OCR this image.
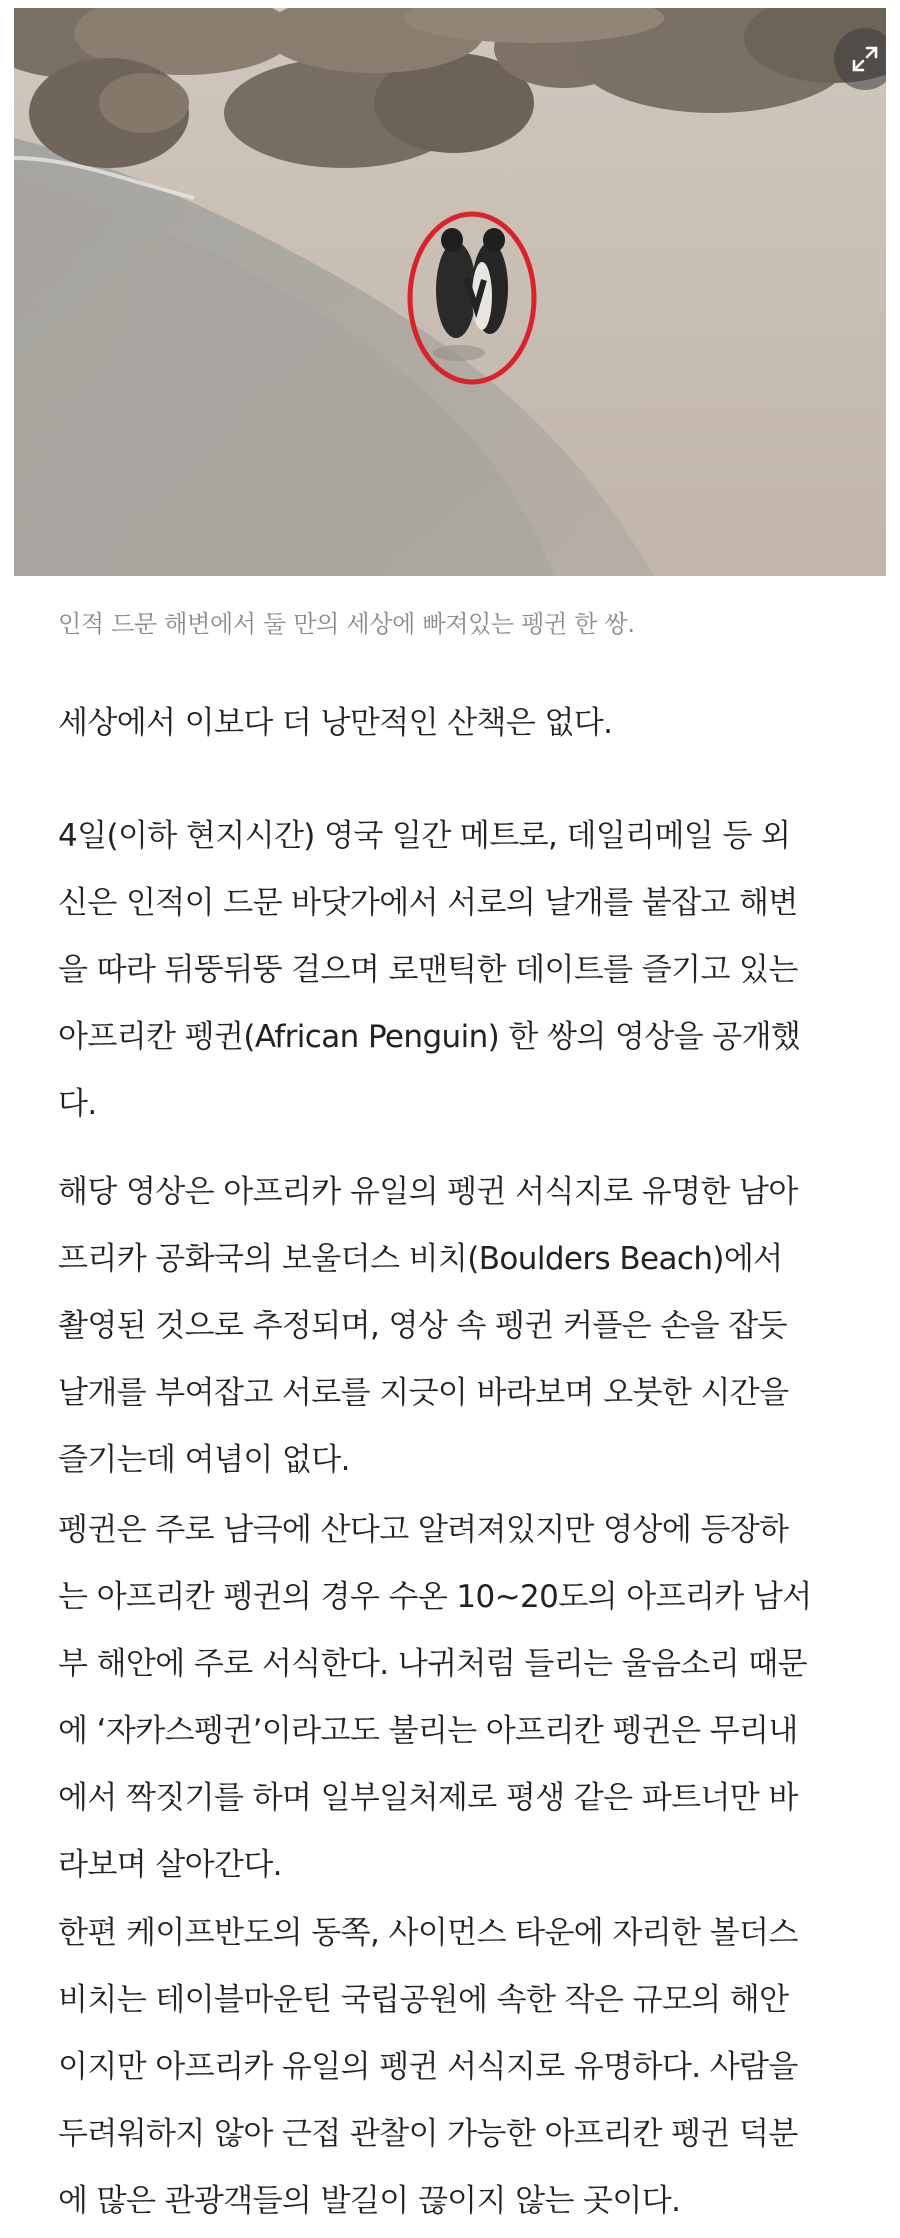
인적 드문 해변에서 둘 만의 세상에 빠져있는 펭귄 한 쌍.
세상에서 이보다 더 낭만적인 산책은 없다.
4일(이하 현지시간) 영국 일간 메트로, 데일리메일 등 외
신은 인적이 드문 바닷가에서 서로의 날개를 붙잡고 해변
을 따라 뒤뚱뒤뚱 걸으며 로맨틱한 데이트를 즐기고 있는
아프리칸 펭귄(African Penguin) 한 쌍의 영상을 공개했
다.
해당 영상은 아프리카 유일의 펭귄 서식지로 유명한 남아
프리카 공화국의 보울더스 비치(Boulders Beach)에서
촬영된 것으로 추정되며, 영상 속 펭귄 커플은 손을 잡듯
날개를 부여잡고 서로를 지긋이 바라보며 오붓한 시간을
즐기는데 여념이 없다.
펭귄은 주로 남극에 산다고 알려져있지만 영상에 등장하
는 아프리칸 펭귄의 경우 수온 10~20도의 아프리카 남서
부 해안에 주로 서식한다. 나귀처럼 들리는 울음소리 때문
에 ‘자카스펭귄’이라고도 불리는 아프리칸 펭귄은 무리내
에서 짝짓기를 하며 일부일처제로 평생 같은 파트너만 바
라보며 살아간다.
한편 케이프반도의 동쪽, 사이먼스 타운에 자리한 볼더스
비치는 테이블마운틴 국립공원에 속한 작은 규모의 해안
이지만 아프리카 유일의 펭귄 서식지로 유명하다. 사람을
두려워하지 않아 근접 관찰이 가능한 아프리칸 펭귄 덕분
에 많은 관광객들의 발길이 끊이지 않는 곳이다.
